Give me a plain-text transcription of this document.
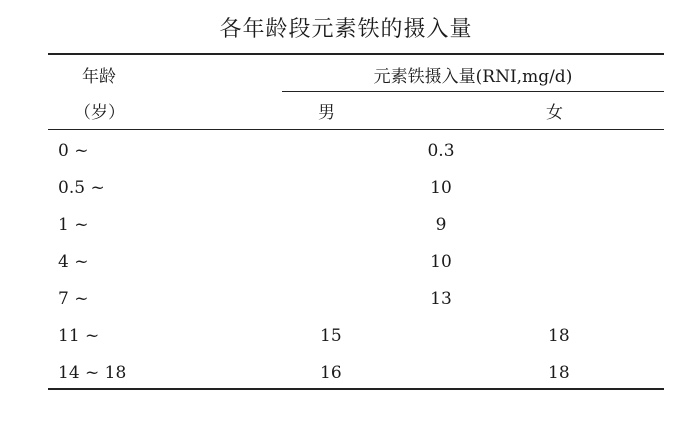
各年龄段元素铁的摄入量
年龄
（岁）
元素铁摄入量(RNI,mg/d)
男	女
0 ~	0.3
0.5 ~	10
1 ~	9
4 ~	10
7 ~	13
11 ~	15	18
14 ~ 18	16	18
